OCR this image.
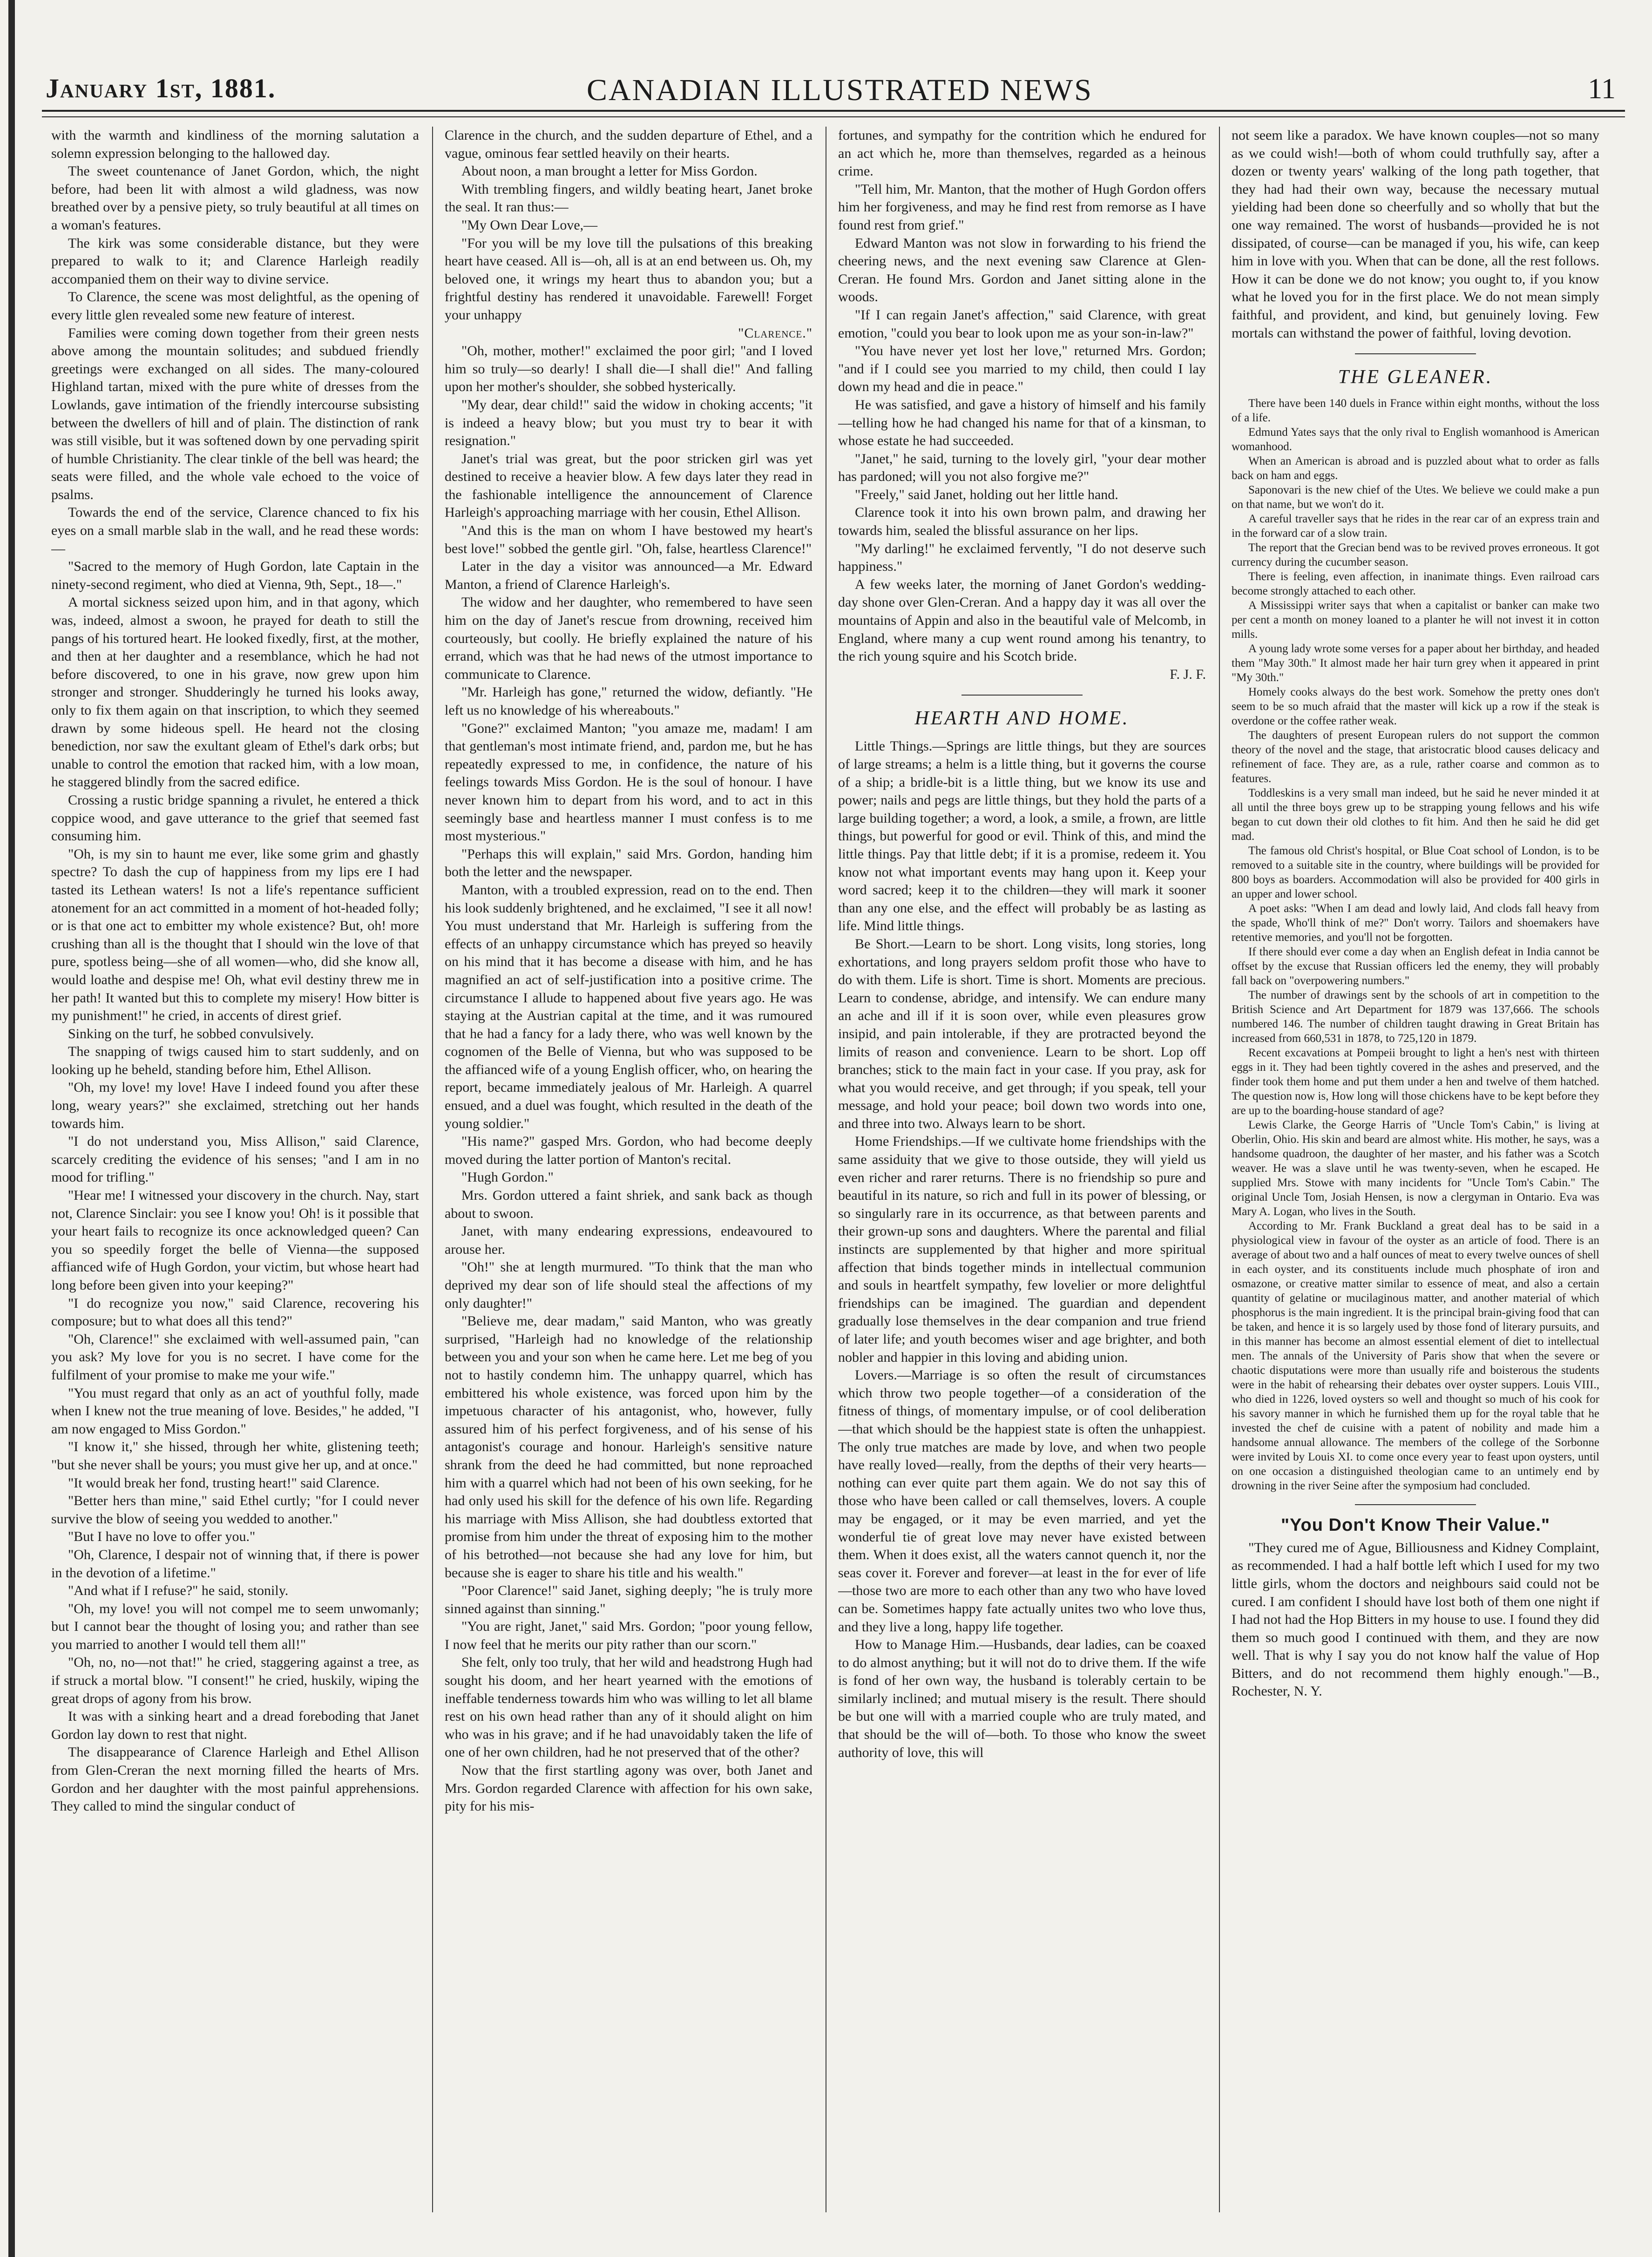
January 1st, 1881.	CANADIAN ILLUSTRATED NEWS	11

with the warmth and kindliness of the morning salutation a solemn expression belonging to the hallowed day.

The sweet countenance of Janet Gordon, which, the night before, had been lit with almost a wild gladness, was now breathed over by a pensive piety, so truly beautiful at all times on a woman's features.

The kirk was some considerable distance, but they were prepared to walk to it; and Clarence Harleigh readily accompanied them on their way to divine service.

To Clarence, the scene was most delightful, as the opening of every little glen revealed some new feature of interest.

Families were coming down together from their green nests above among the mountain solitudes; and subdued friendly greetings were exchanged on all sides. The many-coloured Highland tartan, mixed with the pure white of dresses from the Lowlands, gave intimation of the friendly intercourse subsisting between the dwellers of hill and of plain. The distinction of rank was still visible, but it was softened down by one pervading spirit of humble Christianity. The clear tinkle of the bell was heard; the seats were filled, and the whole vale echoed to the voice of psalms.

Towards the end of the service, Clarence chanced to fix his eyes on a small marble slab in the wall, and he read these words:—

"Sacred to the memory of Hugh Gordon, late Captain in the ninety-second regiment, who died at Vienna, 9th, Sept., 18—."

A mortal sickness seized upon him, and in that agony, which was, indeed, almost a swoon, he prayed for death to still the pangs of his tortured heart. He looked fixedly, first, at the mother, and then at her daughter and a resemblance, which he had not before discovered, to one in his grave, now grew upon him stronger and stronger. Shudderingly he turned his looks away, only to fix them again on that inscription, to which they seemed drawn by some hideous spell. He heard not the closing benediction, nor saw the exultant gleam of Ethel's dark orbs; but unable to control the emotion that racked him, with a low moan, he staggered blindly from the sacred edifice.

Crossing a rustic bridge spanning a rivulet, he entered a thick coppice wood, and gave utterance to the grief that seemed fast consuming him.

"Oh, is my sin to haunt me ever, like some grim and ghastly spectre? To dash the cup of happiness from my lips ere I had tasted its Lethean waters! Is not a life's repentance sufficient atonement for an act committed in a moment of hot-headed folly; or is that one act to embitter my whole existence? But, oh! more crushing than all is the thought that I should win the love of that pure, spotless being—she of all women—who, did she know all, would loathe and despise me! Oh, what evil destiny threw me in her path! It wanted but this to complete my misery! How bitter is my punishment!" he cried, in accents of direst grief.

Sinking on the turf, he sobbed convulsively.

The snapping of twigs caused him to start suddenly, and on looking up he beheld, standing before him, Ethel Allison.

"Oh, my love! my love! Have I indeed found you after these long, weary years?" she exclaimed, stretching out her hands towards him.

"I do not understand you, Miss Allison," said Clarence, scarcely crediting the evidence of his senses; "and I am in no mood for trifling."

"Hear me! I witnessed your discovery in the church. Nay, start not, Clarence Sinclair: you see I know you! Oh! is it possible that your heart fails to recognize its once acknowledged queen? Can you so speedily forget the belle of Vienna—the supposed affianced wife of Hugh Gordon, your victim, but whose heart had long before been given into your keeping?"

"I do recognize you now," said Clarence, recovering his composure; but to what does all this tend?"

"Oh, Clarence!" she exclaimed with well-assumed pain, "can you ask? My love for you is no secret. I have come for the fulfilment of your promise to make me your wife."

"You must regard that only as an act of youthful folly, made when I knew not the true meaning of love. Besides," he added, "I am now engaged to Miss Gordon."

"I know it," she hissed, through her white, glistening teeth; "but she never shall be yours; you must give her up, and at once."

"It would break her fond, trusting heart!" said Clarence.

"Better hers than mine," said Ethel curtly; "for I could never survive the blow of seeing you wedded to another."

"But I have no love to offer you."

"Oh, Clarence, I despair not of winning that, if there is power in the devotion of a lifetime."

"And what if I refuse?" he said, stonily.

"Oh, my love! you will not compel me to seem unwomanly; but I cannot bear the thought of losing you; and rather than see you married to another I would tell them all!"

"Oh, no, no—not that!" he cried, staggering against a tree, as if struck a mortal blow. "I consent!" he cried, huskily, wiping the great drops of agony from his brow.

It was with a sinking heart and a dread foreboding that Janet Gordon lay down to rest that night.

The disappearance of Clarence Harleigh and Ethel Allison from Glen-Creran the next morning filled the hearts of Mrs. Gordon and her daughter with the most painful apprehensions. They called to mind the singular conduct of

Clarence in the church, and the sudden departure of Ethel, and a vague, ominous fear settled heavily on their hearts.

About noon, a man brought a letter for Miss Gordon.

With trembling fingers, and wildly beating heart, Janet broke the seal. It ran thus:—

"My Own Dear Love,—

"For you will be my love till the pulsations of this breaking heart have ceased. All is—oh, all is at an end between us. Oh, my beloved one, it wrings my heart thus to abandon you; but a frightful destiny has rendered it unavoidable. Farewell! Forget your unhappy

"Clarence."

"Oh, mother, mother!" exclaimed the poor girl; "and I loved him so truly—so dearly! I shall die—I shall die!" And falling upon her mother's shoulder, she sobbed hysterically.

"My dear, dear child!" said the widow in choking accents; "it is indeed a heavy blow; but you must try to bear it with resignation."

Janet's trial was great, but the poor stricken girl was yet destined to receive a heavier blow. A few days later they read in the fashionable intelligence the announcement of Clarence Harleigh's approaching marriage with her cousin, Ethel Allison.

"And this is the man on whom I have bestowed my heart's best love!" sobbed the gentle girl. "Oh, false, heartless Clarence!"

Later in the day a visitor was announced—a Mr. Edward Manton, a friend of Clarence Harleigh's.

The widow and her daughter, who remembered to have seen him on the day of Janet's rescue from drowning, received him courteously, but coolly. He briefly explained the nature of his errand, which was that he had news of the utmost importance to communicate to Clarence.

"Mr. Harleigh has gone," returned the widow, defiantly. "He left us no knowledge of his whereabouts."

"Gone?" exclaimed Manton; "you amaze me, madam! I am that gentleman's most intimate friend, and, pardon me, but he has repeatedly expressed to me, in confidence, the nature of his feelings towards Miss Gordon. He is the soul of honour. I have never known him to depart from his word, and to act in this seemingly base and heartless manner I must confess is to me most mysterious."

"Perhaps this will explain," said Mrs. Gordon, handing him both the letter and the newspaper.

Manton, with a troubled expression, read on to the end. Then his look suddenly brightened, and he exclaimed, "I see it all now! You must understand that Mr. Harleigh is suffering from the effects of an unhappy circumstance which has preyed so heavily on his mind that it has become a disease with him, and he has magnified an act of self-justification into a positive crime. The circumstance I allude to happened about five years ago. He was staying at the Austrian capital at the time, and it was rumoured that he had a fancy for a lady there, who was well known by the cognomen of the Belle of Vienna, but who was supposed to be the affianced wife of a young English officer, who, on hearing the report, became immediately jealous of Mr. Harleigh. A quarrel ensued, and a duel was fought, which resulted in the death of the young soldier."

"His name?" gasped Mrs. Gordon, who had become deeply moved during the latter portion of Manton's recital.

"Hugh Gordon."

Mrs. Gordon uttered a faint shriek, and sank back as though about to swoon.

Janet, with many endearing expressions, endeavoured to arouse her.

"Oh!" she at length murmured. "To think that the man who deprived my dear son of life should steal the affections of my only daughter!"

"Believe me, dear madam," said Manton, who was greatly surprised, "Harleigh had no knowledge of the relationship between you and your son when he came here. Let me beg of you not to hastily condemn him. The unhappy quarrel, which has embittered his whole existence, was forced upon him by the impetuous character of his antagonist, who, however, fully assured him of his perfect forgiveness, and of his sense of his antagonist's courage and honour. Harleigh's sensitive nature shrank from the deed he had committed, but none reproached him with a quarrel which had not been of his own seeking, for he had only used his skill for the defence of his own life. Regarding his marriage with Miss Allison, she had doubtless extorted that promise from him under the threat of exposing him to the mother of his betrothed—not because she had any love for him, but because she is eager to share his title and his wealth."

"Poor Clarence!" said Janet, sighing deeply; "he is truly more sinned against than sinning."

"You are right, Janet," said Mrs. Gordon; "poor young fellow, I now feel that he merits our pity rather than our scorn."

She felt, only too truly, that her wild and headstrong Hugh had sought his doom, and her heart yearned with the emotions of ineffable tenderness towards him who was willing to let all blame rest on his own head rather than any of it should alight on him who was in his grave; and if he had unavoidably taken the life of one of her own children, had he not preserved that of the other?

Now that the first startling agony was over, both Janet and Mrs. Gordon regarded Clarence with affection for his own sake, pity for his mis-

fortunes, and sympathy for the contrition which he endured for an act which he, more than themselves, regarded as a heinous crime.

"Tell him, Mr. Manton, that the mother of Hugh Gordon offers him her forgiveness, and may he find rest from remorse as I have found rest from grief."

Edward Manton was not slow in forwarding to his friend the cheering news, and the next evening saw Clarence at Glen-Creran. He found Mrs. Gordon and Janet sitting alone in the woods.

"If I can regain Janet's affection," said Clarence, with great emotion, "could you bear to look upon me as your son-in-law?"

"You have never yet lost her love," returned Mrs. Gordon; "and if I could see you married to my child, then could I lay down my head and die in peace."

He was satisfied, and gave a history of himself and his family—telling how he had changed his name for that of a kinsman, to whose estate he had succeeded.

"Janet," he said, turning to the lovely girl, "your dear mother has pardoned; will you not also forgive me?"

"Freely," said Janet, holding out her little hand.

Clarence took it into his own brown palm, and drawing her towards him, sealed the blissful assurance on her lips.

"My darling!" he exclaimed fervently, "I do not deserve such happiness."

A few weeks later, the morning of Janet Gordon's wedding-day shone over Glen-Creran. And a happy day it was all over the mountains of Appin and also in the beautiful vale of Melcomb, in England, where many a cup went round among his tenantry, to the rich young squire and his Scotch bride.

F. J. F.

HEARTH AND HOME.

Little Things.—Springs are little things, but they are sources of large streams; a helm is a little thing, but it governs the course of a ship; a bridle-bit is a little thing, but we know its use and power; nails and pegs are little things, but they hold the parts of a large building together; a word, a look, a smile, a frown, are little things, but powerful for good or evil. Think of this, and mind the little things. Pay that little debt; if it is a promise, redeem it. You know not what important events may hang upon it. Keep your word sacred; keep it to the children—they will mark it sooner than any one else, and the effect will probably be as lasting as life. Mind little things.

Be Short.—Learn to be short. Long visits, long stories, long exhortations, and long prayers seldom profit those who have to do with them. Life is short. Time is short. Moments are precious. Learn to condense, abridge, and intensify. We can endure many an ache and ill if it is soon over, while even pleasures grow insipid, and pain intolerable, if they are protracted beyond the limits of reason and convenience. Learn to be short. Lop off branches; stick to the main fact in your case. If you pray, ask for what you would receive, and get through; if you speak, tell your message, and hold your peace; boil down two words into one, and three into two. Always learn to be short.

Home Friendships.—If we cultivate home friendships with the same assiduity that we give to those outside, they will yield us even richer and rarer returns. There is no friendship so pure and beautiful in its nature, so rich and full in its power of blessing, or so singularly rare in its occurrence, as that between parents and their grown-up sons and daughters. Where the parental and filial instincts are supplemented by that higher and more spiritual affection that binds together minds in intellectual communion and souls in heartfelt sympathy, few lovelier or more delightful friendships can be imagined. The guardian and dependent gradually lose themselves in the dear companion and true friend of later life; and youth becomes wiser and age brighter, and both nobler and happier in this loving and abiding union.

Lovers.—Marriage is so often the result of circumstances which throw two people together—of a consideration of the fitness of things, of momentary impulse, or of cool deliberation—that which should be the happiest state is often the unhappiest. The only true matches are made by love, and when two people have really loved—really, from the depths of their very hearts—nothing can ever quite part them again. We do not say this of those who have been called or call themselves, lovers. A couple may be engaged, or it may be even married, and yet the wonderful tie of great love may never have existed between them. When it does exist, all the waters cannot quench it, nor the seas cover it. Forever and forever—at least in the for ever of life—those two are more to each other than any two who have loved can be. Sometimes happy fate actually unites two who love thus, and they live a long, happy life together.

How to Manage Him.—Husbands, dear ladies, can be coaxed to do almost anything; but it will not do to drive them. If the wife is fond of her own way, the husband is tolerably certain to be similarly inclined; and mutual misery is the result. There should be but one will with a married couple who are truly mated, and that should be the will of—both. To those who know the sweet authority of love, this will

not seem like a paradox. We have known couples—not so many as we could wish!—both of whom could truthfully say, after a dozen or twenty years' walking of the long path together, that they had had their own way, because the necessary mutual yielding had been done so cheerfully and so wholly that but the one way remained. The worst of husbands—provided he is not dissipated, of course—can be managed if you, his wife, can keep him in love with you. When that can be done, all the rest follows. How it can be done we do not know; you ought to, if you know what he loved you for in the first place. We do not mean simply faithful, and provident, and kind, but genuinely loving. Few mortals can withstand the power of faithful, loving devotion.

THE GLEANER.

There have been 140 duels in France within eight months, without the loss of a life.

Edmund Yates says that the only rival to English womanhood is American womanhood.

When an American is abroad and is puzzled about what to order as falls back on ham and eggs.

Saponovari is the new chief of the Utes. We believe we could make a pun on that name, but we won't do it.

A careful traveller says that he rides in the rear car of an express train and in the forward car of a slow train.

The report that the Grecian bend was to be revived proves erroneous. It got currency during the cucumber season.

There is feeling, even affection, in inanimate things. Even railroad cars become strongly attached to each other.

A Mississippi writer says that when a capitalist or banker can make two per cent a month on money loaned to a planter he will not invest it in cotton mills.

A young lady wrote some verses for a paper about her birthday, and headed them "May 30th." It almost made her hair turn grey when it appeared in print "My 30th."

Homely cooks always do the best work. Somehow the pretty ones don't seem to be so much afraid that the master will kick up a row if the steak is overdone or the coffee rather weak.

The daughters of present European rulers do not support the common theory of the novel and the stage, that aristocratic blood causes delicacy and refinement of face. They are, as a rule, rather coarse and common as to features.

Toddleskins is a very small man indeed, but he said he never minded it at all until the three boys grew up to be strapping young fellows and his wife began to cut down their old clothes to fit him. And then he said he did get mad.

The famous old Christ's hospital, or Blue Coat school of London, is to be removed to a suitable site in the country, where buildings will be provided for 800 boys as boarders. Accommodation will also be provided for 400 girls in an upper and lower school.

A poet asks: "When I am dead and lowly laid, And clods fall heavy from the spade, Who'll think of me?" Don't worry. Tailors and shoemakers have retentive memories, and you'll not be forgotten.

If there should ever come a day when an English defeat in India cannot be offset by the excuse that Russian officers led the enemy, they will probably fall back on "overpowering numbers."

The number of drawings sent by the schools of art in competition to the British Science and Art Department for 1879 was 137,666. The schools numbered 146. The number of children taught drawing in Great Britain has increased from 660,531 in 1878, to 725,120 in 1879.

Recent excavations at Pompeii brought to light a hen's nest with thirteen eggs in it. They had been tightly covered in the ashes and preserved, and the finder took them home and put them under a hen and twelve of them hatched. The question now is, How long will those chickens have to be kept before they are up to the boarding-house standard of age?

Lewis Clarke, the George Harris of "Uncle Tom's Cabin," is living at Oberlin, Ohio. His skin and beard are almost white. His mother, he says, was a handsome quadroon, the daughter of her master, and his father was a Scotch weaver. He was a slave until he was twenty-seven, when he escaped. He supplied Mrs. Stowe with many incidents for "Uncle Tom's Cabin." The original Uncle Tom, Josiah Hensen, is now a clergyman in Ontario. Eva was Mary A. Logan, who lives in the South.

According to Mr. Frank Buckland a great deal has to be said in a physiological view in favour of the oyster as an article of food. There is an average of about two and a half ounces of meat to every twelve ounces of shell in each oyster, and its constituents include much phosphate of iron and osmazone, or creative matter similar to essence of meat, and also a certain quantity of gelatine or mucilaginous matter, and another material of which phosphorus is the main ingredient. It is the principal brain-giving food that can be taken, and hence it is so largely used by those fond of literary pursuits, and in this manner has become an almost essential element of diet to intellectual men. The annals of the University of Paris show that when the severe or chaotic disputations were more than usually rife and boisterous the students were in the habit of rehearsing their debates over oyster suppers. Louis VIII., who died in 1226, loved oysters so well and thought so much of his cook for his savory manner in which he furnished them up for the royal table that he invested the chef de cuisine with a patent of nobility and made him a handsome annual allowance. The members of the college of the Sorbonne were invited by Louis XI. to come once every year to feast upon oysters, until on one occasion a distinguished theologian came to an untimely end by drowning in the river Seine after the symposium had concluded.

"You Don't Know Their Value."

"They cured me of Ague, Billiousness and Kidney Complaint, as recommended. I had a half bottle left which I used for my two little girls, whom the doctors and neighbours said could not be cured. I am confident I should have lost both of them one night if I had not had the Hop Bitters in my house to use. I found they did them so much good I continued with them, and they are now well. That is why I say you do not know half the value of Hop Bitters, and do not recommend them highly enough."—B., Rochester, N. Y.
